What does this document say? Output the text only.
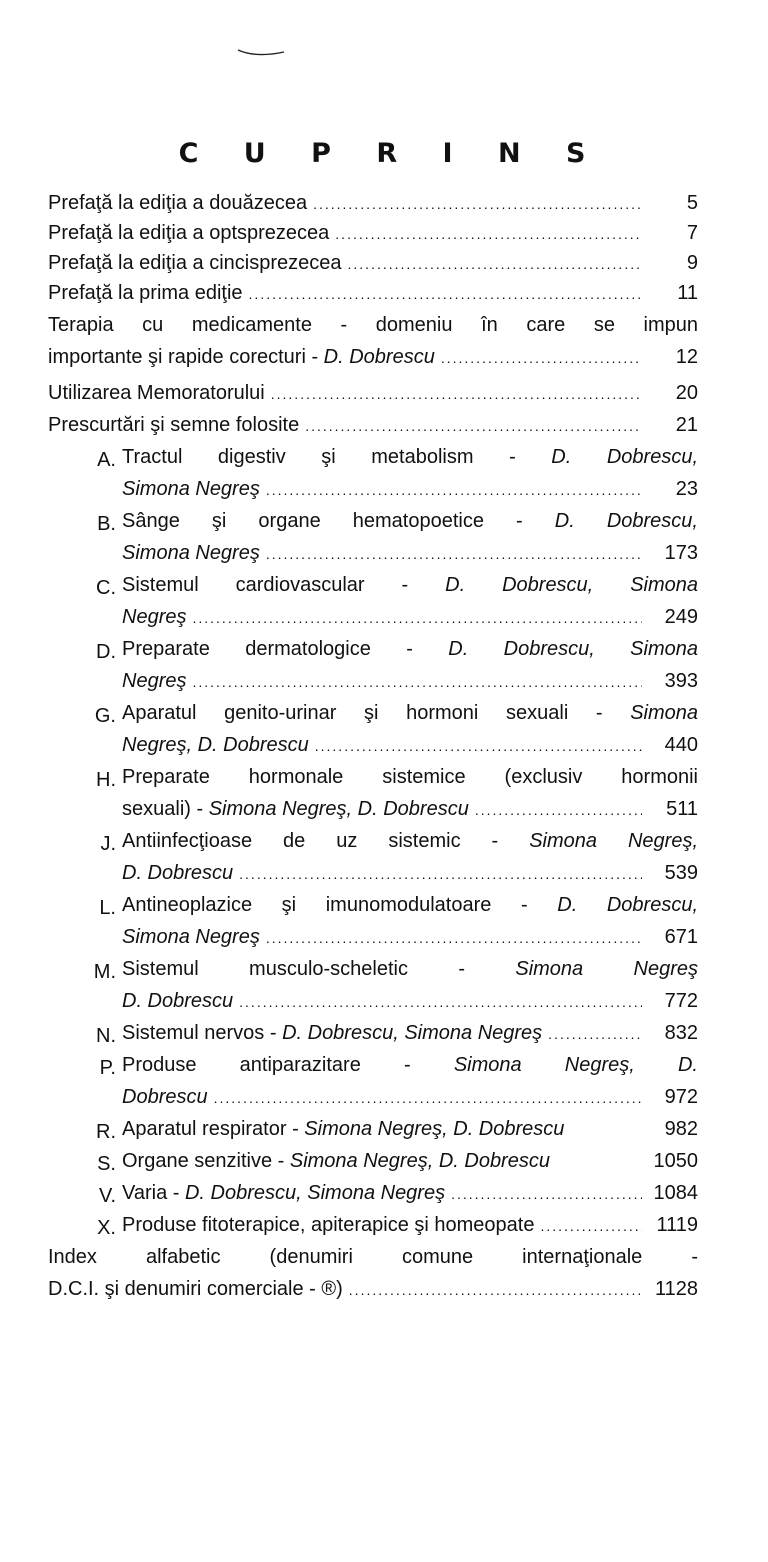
C U P R I N S
Prefaţă la ediţia a douăzecea .....	5
Prefaţă la ediţia a optsprezecea .....	7
Prefaţă la ediţia a cincisprezecea .....	9
Prefaţă la prima ediţie .....	11
Terapia cu medicamente - domeniu în care se impun
importante şi rapide corecturi - D. Dobrescu .....	12
Utilizarea Memoratorului .....	20
Prescurtări şi semne folosite .....	21
A. Tractul digestiv şi metabolism - D. Dobrescu,
Simona Negreş .....	23
B. Sânge şi organe hematopoetice - D. Dobrescu,
Simona Negreş .....	173
C. Sistemul cardiovascular - D. Dobrescu, Simona
Negreş .....	249
D. Preparate dermatologice - D. Dobrescu, Simona
Negreş .....	393
G. Aparatul genito-urinar şi hormoni sexuali - Simona
Negreş, D. Dobrescu .....	440
H. Preparate hormonale sistemice (exclusiv hormonii
sexuali) - Simona Negreş, D. Dobrescu .....	511
J. Antiinfecţioase de uz sistemic - Simona Negreş,
D. Dobrescu .....	539
L. Antineoplazice şi imunomodulatoare - D. Dobrescu,
Simona Negreş .....	671
M. Sistemul musculo-scheletic - Simona Negreş
D. Dobrescu .....	772
N. Sistemul nervos - D. Dobrescu, Simona Negreş .....	832
P. Produse antiparazitare - Simona Negreş, D.
Dobrescu .....	972
R. Aparatul respirator - Simona Negreş, D. Dobrescu	982
S. Organe senzitive - Simona Negreş, D. Dobrescu	1050
V. Varia - D. Dobrescu, Simona Negreş .....	1084
X. Produse fitoterapice, apiterapice şi homeopate .....	1119
Index alfabetic (denumiri comune internaţionale -
D.C.I. şi denumiri comerciale - ®) .....	1128
